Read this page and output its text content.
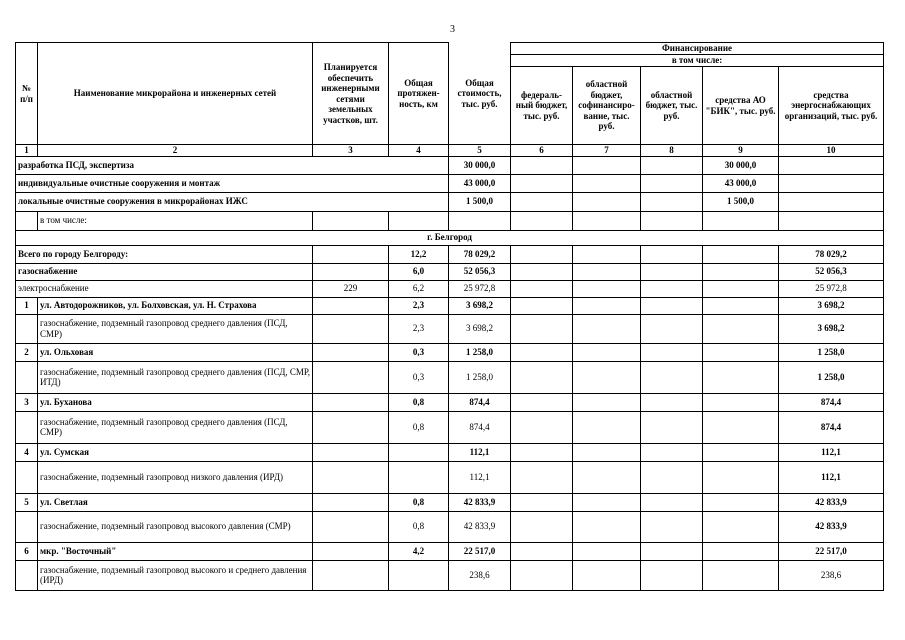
3
№ п/п	Наименование микрорайона и инженерных сетей	Планируется обеспечить инженерными сетями земельных участков, шт.	Общая протяжен-ность, км	Общая стоимость, тыс. руб.	Финансирование				
					в том числе:				
					федераль-ный бюджет, тыс. руб.	областной бюджет, софинансиро-вание, тыс. руб.	областной бюджет, тыс. руб.	средства АО "БИК", тыс. руб.	средства энергоснабжающих организаций, тыс. руб.
1	2	3	4	5	6	7	8	9	10
разработка ПСД, экспертиза				30 000,0				30 000,0	
индивидуальные очистные сооружения и монтаж				43 000,0				43 000,0	
локальные очистные сооружения в микрорайонах ИЖС				1 500,0				1 500,0	
	в том числе:								
г. Белгород									
Всего по городу Белгороду:			12,2	78 029,2					78 029,2
газоснабжение			6,0	52 056,3					52 056,3
электроснабжение		229	6,2	25 972,8					25 972,8
1	ул. Автодорожников, ул. Болховская, ул. Н. Страхова		2,3	3 698,2					3 698,2
	газоснабжение, подземный газопровод среднего давления (ПСД, СМР)		2,3	3 698,2					3 698,2
2	ул. Ольховая		0,3	1 258,0					1 258,0
	газоснабжение, подземный газопровод среднего давления (ПСД, СМР, ИТД)		0,3	1 258,0					1 258,0
3	ул. Буханова		0,8	874,4					874,4
	газоснабжение, подземный газопровод среднего давления (ПСД, СМР)		0,8	874,4					874,4
4	ул. Сумская			112,1					112,1
	газоснабжение, подземный газопровод низкого давления (ИРД)			112,1					112,1
5	ул. Светлая		0,8	42 833,9					42 833,9
	газоснабжение, подземный газопровод высокого давления (СМР)		0,8	42 833,9					42 833,9
6	мкр. "Восточный"		4,2	22 517,0					22 517,0
	газоснабжение, подземный газопровод высокого и среднего давления (ИРД)			238,6					238,6
